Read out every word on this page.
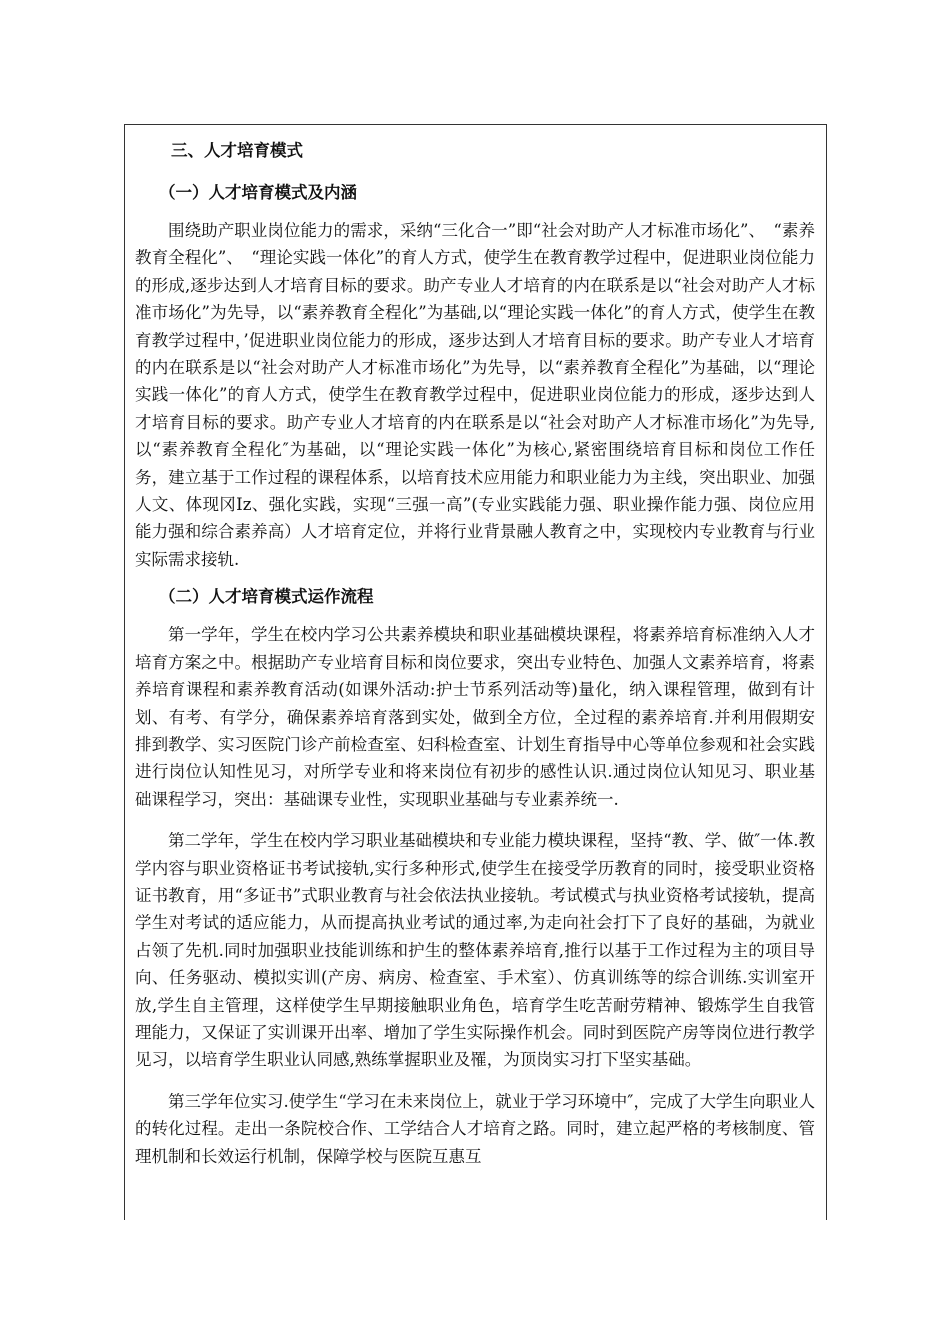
三、人才培育模式
（一）人才培育模式及内涵

围绕助产职业岗位能力的需求，采纳“三化合一”即“社会对助产人才标准市场化”、　“素养教育全程化”、　“理论实践一体化”的育人方式，使学生在教育教学过程中，促进职业岗位能力的形成,逐步达到人才培育目标的要求。助产专业人才培育的内在联系是以“社会对助产人才标准市场化”为先导，以“素养教育全程化”为基础,以“理论实践一体化”的育人方式，使学生在教育教学过程中，’促进职业岗位能力的形成，逐步达到人才培育目标的要求。助产专业人才培育的内在联系是以“社会对助产人才标准市场化”为先导，以“素养教育全程化”为基础，以“理论实践一体化”的育人方式，使学生在教育教学过程中，促进职业岗位能力的形成，逐步达到人才培育目标的要求。助产专业人才培育的内在联系是以“社会对助产人才标准市场化”为先导,以“素养教育全程化″为基础，以“理论实践一体化”为核心,紧密围绕培育目标和岗位工作任务，建立基于工作过程的课程体系，以培育技术应用能力和职业能力为主线，突出职业、加强人文、体现冈Iz、强化实践，实现“三强一高”(专业实践能力强、职业操作能力强、岗位应用能力强和综合素养高）人才培育定位，并将行业背景融人教育之中，实现校内专业教育与行业实际需求接轨.

（二）人才培育模式运作流程

第一学年，学生在校内学习公共素养模块和职业基础模块课程，将素养培育标准纳入人才培育方案之中。根据助产专业培育目标和岗位要求，突出专业特色、加强人文素养培育，将素养培育课程和素养教育活动(如课外活动:护士节系列活动等)量化，纳入课程管理，做到有计划、有考、有学分，确保素养培育落到实处，做到全方位，全过程的素养培育.并利用假期安排到教学、实习医院门诊产前检查室、妇科检查室、计划生育指导中心等单位参观和社会实践进行岗位认知性见习，对所学专业和将来岗位有初步的感性认识.通过岗位认知见习、职业基础课程学习，突出：基础课专业性，实现职业基础与专业素养统一.

第二学年，学生在校内学习职业基础模块和专业能力模块课程，坚持“教、学、做″一体.教学内容与职业资格证书考试接轨,实行多种形式,使学生在接受学历教育的同时，接受职业资格证书教育，用“多证书”式职业教育与社会依法执业接轨。考试模式与执业资格考试接轨，提高学生对考试的适应能力，从而提高执业考试的通过率,为走向社会打下了良好的基础，为就业占领了先机.同时加强职业技能训练和护生的整体素养培育,推行以基于工作过程为主的项目导向、任务驱动、模拟实训(产房、病房、检查室、手术室）、仿真训练等的综合训练.实训室开放,学生自主管理，这样使学生早期接触职业角色，培育学生吃苦耐劳精神、锻炼学生自我管理能力，又保证了实训课开出率、增加了学生实际操作机会。同时到医院产房等岗位进行教学见习，以培育学生职业认同感,熟练掌握职业及罹，为顶岗实习打下坚实基础。

第三学年位实习.使学生“学习在未来岗位上，就业于学习环境中″，完成了大学生向职业人的转化过程。走出一条院校合作、工学结合人才培育之路。同时，建立起严格的考核制度、管理机制和长效运行机制，保障学校与医院互惠互
